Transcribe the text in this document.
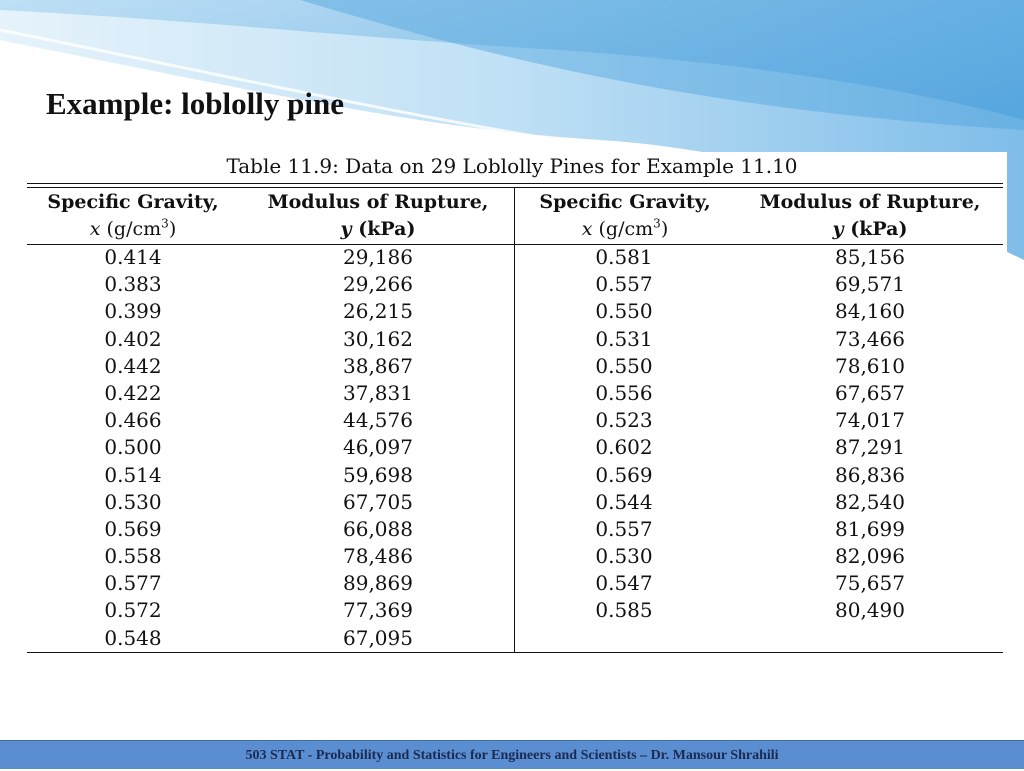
Example: loblolly pine
Table 11.9: Data on 29 Loblolly Pines for Example 11.10
Specific Gravity,
x $(g/cm^3)$
Modulus of Rupture,
y (kPa)
Specific Gravity,
x $(g/cm^3)$
Modulus of Rupture,
y (kPa)
0.414
0.383
0.399
0.402
0.442
0.422
0.466
0.500
0.514
0.530
0.569
0.558
0.577
0.572
0.548
29,186
29,266
26,215
30,162
38,867
37,831
44,576
46,097
59,698
67,705
66,088
78,486
89,869
77,369
67,095
0.581
0.557
0.550
0.531
0.550
0.556
0.523
0.602
0.569
0.544
0.557
0.530
0.547
0.585
85,156
69,571
84,160
73,466
78,610
67,657
74,017
87,291
86,836
82,540
81,699
82,096
75,657
80,490
503 STAT - Probability and Statistics for Engineers and Scientists – Dr. Mansour Shrahili
